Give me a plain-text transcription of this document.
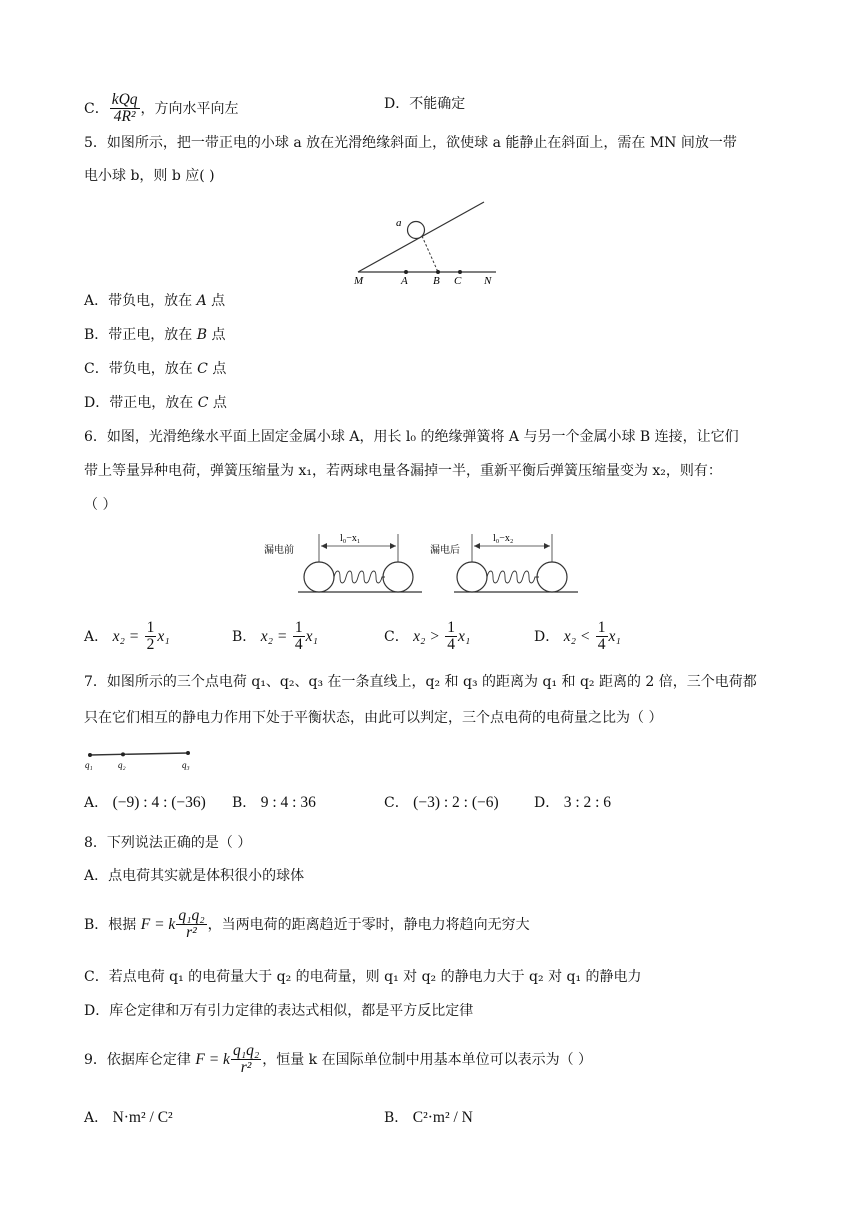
C． $\frac{\text{kQq}}{\text{4R²}}$ ，方向水平向左	D．不能确定
5．如图所示，把一带正电的小球 a 放在光滑绝缘斜面上，欲使球 a 能静止在斜面上，需在 MN 间放一带
电小球 b，则 b 应( )
a
M	A B C N
A．带负电，放在 A 点
B．带正电，放在 B 点
C．带负电，放在 C 点
D．带正电，放在 C 点
6．如图，光滑绝缘水平面上固定金属小球 A，用长 l₀ 的绝缘弹簧将 A 与另一个金属小球 B 连接，让它们
带上等量异种电荷，弹簧压缩量为 x₁，若两球电量各漏掉一半，重新平衡后弹簧压缩量变为 x₂，则有：
（ ）
漏电前
l₀−x₁
漏电后
l₀−x₂
A． $x_2 = \frac{1}{2} x_1$	B． $x_2 = \frac{1}{4} x_1$	C． $x_2 > \frac{1}{4} x_1$	D． $x_2 < \frac{1}{4} x_1$
7．如图所示的三个点电荷 q₁、q₂、q₃ 在一条直线上，q₂ 和 q₃ 的距离为 q₁ 和 q₂ 距离的 2 倍，三个电荷都
只在它们相互的静电力作用下处于平衡状态，由此可以判定，三个点电荷的电荷量之比为（ ）
q₁	q₂	q₃
A． (−9) : 4 : (−36) B． 9 : 4 : 36	C． (−3) : 2 : (−6)	D． 3 : 2 : 6
8．下列说法正确的是（ ）
A．点电荷其实就是体积很小的球体
B．根据 F = k $\frac{\text{q₁q₂}}{\text{r²}}$ ，当两电荷的距离趋近于零时，静电力将趋向无穷大
C．若点电荷 q₁ 的电荷量大于 q₂ 的电荷量，则 q₁ 对 q₂ 的静电力大于 q₂ 对 q₁ 的静电力
D．库仑定律和万有引力定律的表达式相似，都是平方反比定律
9．依据库仑定律 F = k $\frac{\text{q₁q₂}}{\text{r²}}$ ，恒量 k 在国际单位制中用基本单位可以表示为（ ）
A． N·m² / C²	B． C²·m² / N
